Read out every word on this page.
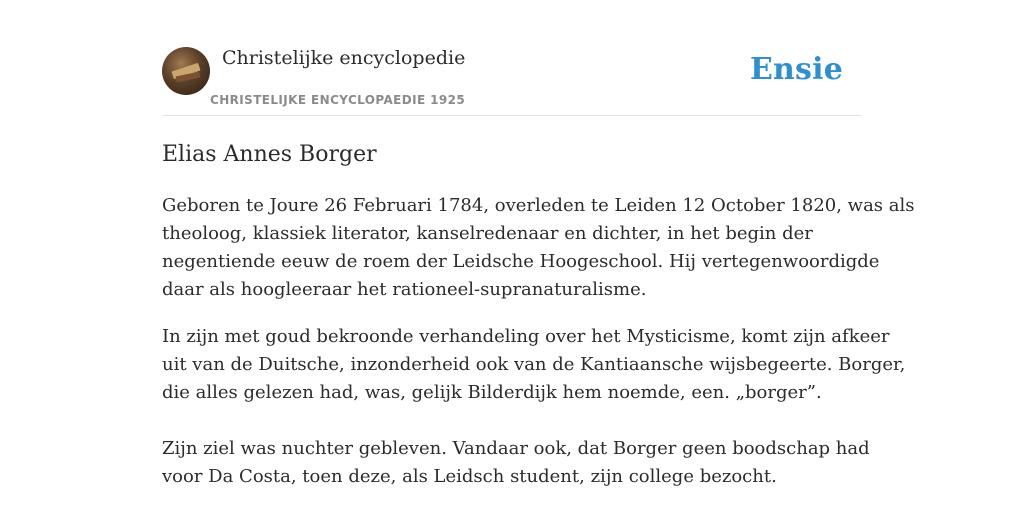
Christelijke encyclopedie
CHRISTELIJKE ENCYCLOPAEDIE 1925
Ensie
Elias Annes Borger

Geboren te Joure 26 Februari 1784, overleden te Leiden 12 October 1820, was als

theoloog, klassiek literator, kanselredenaar en dichter, in het begin der

negentiende eeuw de roem der Leidsche Hoogeschool. Hij vertegenwoordigde

daar als hoogleeraar het rationeel-supranaturalisme.

In zijn met goud bekroonde verhandeling over het Mysticisme, komt zijn afkeer

uit van de Duitsche, inzonderheid ook van de Kantiaansche wijsbegeerte. Borger,

die alles gelezen had, was, gelijk Bilderdijk hem noemde, een. „borger”.

Zijn ziel was nuchter gebleven. Vandaar ook, dat Borger geen boodschap had

voor Da Costa, toen deze, als Leidsch student, zijn college bezocht.
